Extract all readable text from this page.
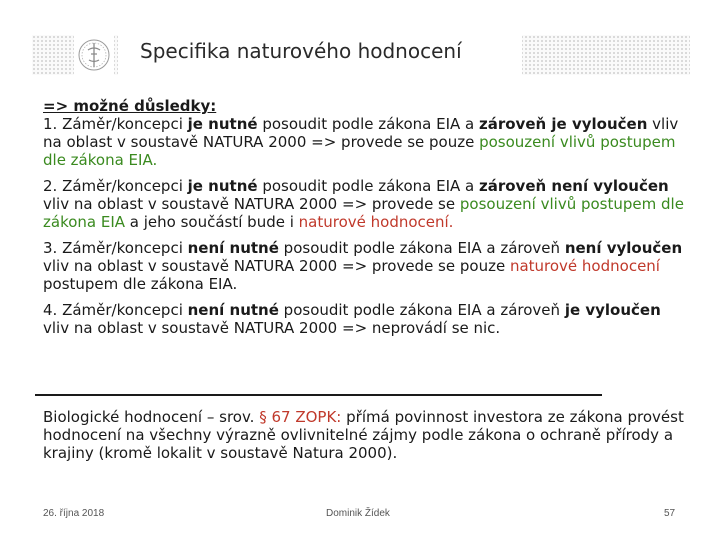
Specifika naturového hodnocení
=> možné důsledky:

1. Záměr/koncepci je nutné posoudit podle zákona EIA a zároveň je vyloučen vliv na oblast v soustavě NATURA 2000 => provede se pouze posouzení vlivů postupem dle zákona EIA.

2. Záměr/koncepci je nutné posoudit podle zákona EIA a zároveň není vyloučen vliv na oblast v soustavě NATURA 2000 => provede se posouzení vlivů postupem dle zákona EIA a jeho součástí bude i naturové hodnocení.

3. Záměr/koncepci není nutné posoudit podle zákona EIA a zároveň není vyloučen vliv na oblast v soustavě NATURA 2000 => provede se pouze naturové hodnocení postupem dle zákona EIA.

4. Záměr/koncepci není nutné posoudit podle zákona EIA a zároveň je vyloučen vliv na oblast v soustavě NATURA 2000 => neprovádí se nic.

Biologické hodnocení – srov. § 67 ZOPK: přímá povinnost investora ze zákona provést hodnocení na všechny výrazně ovlivnitelné zájmy podle zákona o ochraně přírody a krajiny (kromě lokalit v soustavě Natura 2000).
26. října 2018	Dominik Žídek	57
